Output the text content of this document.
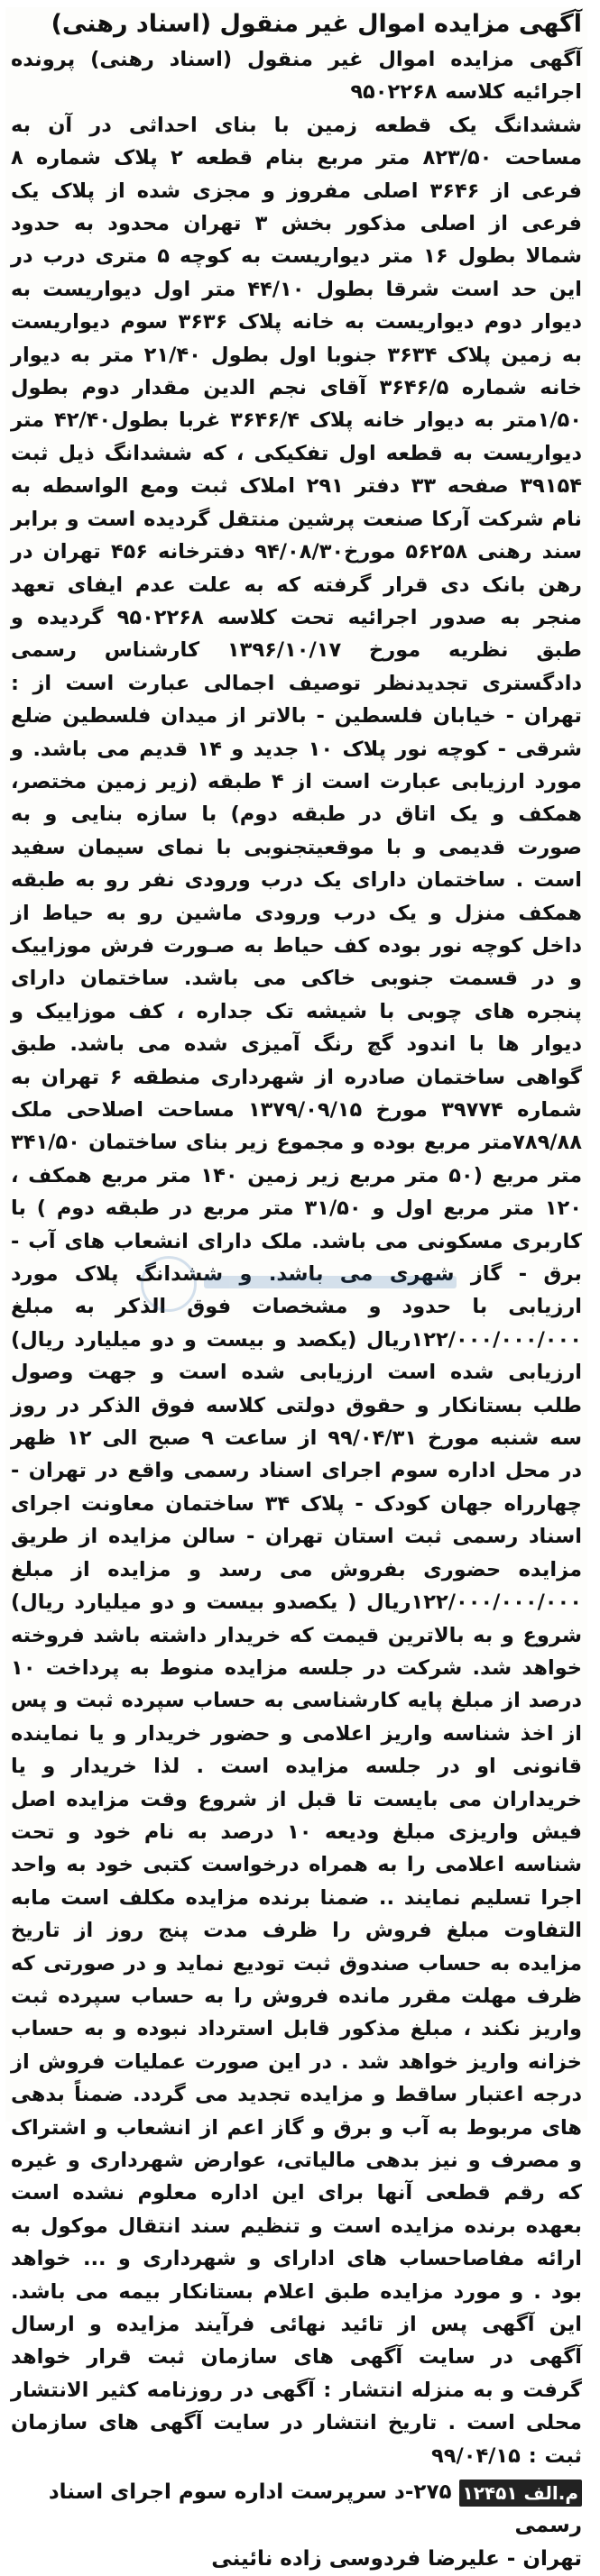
آگهی مزایده اموال غیر منقول (اسناد رهنی)

آگهی مزایده اموال غیر منقول (اسناد رهنی) پرونده اجرائیه کلاسه ۹۵۰۲۲۶۸

ششدانگ یک قطعه زمین با بنای احداثی در آن به مساحت ۸۲۳/۵۰ متر مربع بنام قطعه ۲ پلاک شماره ۸ فرعی از ۳۶۴۶ اصلی مفروز و مجزی شده از پلاک یک فرعی از اصلی مذکور بخش ۳ تهران محدود به حدود شمالا بطول ۱۶ متر دیواریست به کوچه ۵ متری درب در این حد است شرقا بطول ۴۴/۱۰ متر اول دیواریست به دیوار دوم دیواریست به خانه پلاک ۳۶۳۶ سوم دیواریست به زمین پلاک ۳۶۳۴ جنوبا اول بطول ۲۱/۴۰ متر به دیوار خانه شماره ۳۶۴۶/۵ آقای نجم الدین مقدار دوم بطول ۱/۵۰متر به دیوار خانه پلاک ۳۶۴۶/۴ غربا بطول۴۲/۴۰ متر دیواریست به قطعه اول تفکیکی ، که ششدانگ ذیل ثبت ۳۹۱۵۴ صفحه ۳۳ دفتر ۲۹۱ املاک ثبت ومع الواسطه به نام شرکت آرکا صنعت پرشین منتقل گردیده است و برابر سند رهنی ۵۶۲۵۸ مورخ۹۴/۰۸/۳۰ دفترخانه ۴۵۶ تهران در رهن بانک دی قرار گرفته که به علت عدم ایفای تعهد منجر به صدور اجرائیه تحت کلاسه ۹۵۰۲۲۶۸ گردیده و طبق نظریه مورخ ۱۳۹۶/۱۰/۱۷ کارشناس رسمی دادگستری تجدیدنظر توصیف اجمالی عبارت است از : تهران - خیابان فلسطین - بالاتر از میدان فلسطین ضلع شرقی - کوچه نور پلاک ۱۰ جدید و ۱۴ قدیم می باشد. و مورد ارزیابی عبارت است از ۴ طبقه (زیر زمین مختصر، همکف و یک اتاق در طبقه دوم) با سازه بنایی و به صورت قدیمی و با موقعیتجنوبی با نمای سیمان سفید است . ساختمان دارای یک درب ورودی نفر رو به طبقه همکف منزل و یک درب ورودی ماشین رو به حیاط از داخل کوچه نور بوده کف حیاط به صـورت فرش موزاییک و در قسمت جنوبی خاکی می باشد. ساختمان دارای پنجره های چوبی با شیشه تک جداره ، کف موزاییک و دیوار ها با اندود گچ رنگ آمیزی شده می باشد. طبق گواهی ساختمان صادره از شهرداری منطقه ۶ تهران به شماره ۳۹۷۷۴ مورخ ۱۳۷۹/۰۹/۱۵ مساحت اصلاحی ملک ۷۸۹/۸۸متر مربع بوده و مجموع زیر بنای ساختمان ۳۴۱/۵۰ متر مربع (۵۰ متر مربع زیر زمین ۱۴۰ متر مربع همکف ، ۱۲۰ متر مربع اول و ۳۱/۵۰ متر مربع در طبقه دوم ) با کاربری مسکونی می باشد. ملک دارای انشعاب های آب - برق - گاز شهری می باشد. و ششدانگ پلاک مورد ارزیابی با حدود و مشخصات فوق الذکر به مبلغ ۱۲۲/۰۰۰/۰۰۰/۰۰۰ریال (یکصد و بیست و دو میلیارد ریال) ارزیابی شده است ارزیابی شده است و جهت وصول طلب بستانکار و حقوق دولتی کلاسه فوق الذکر در روز سه شنبه مورخ ۹۹/۰۴/۳۱ از ساعت ۹ صبح الی ۱۲ ظهر در محل اداره سوم اجرای اسناد رسمی واقع در تهران - چهارراه جهان کودک - پلاک ۳۴ ساختمان معاونت اجرای اسناد رسمی ثبت استان تهران - سالن مزایده از طریق مزایده حضوری بفروش می رسد و مزایده از مبلغ ۱۲۲/۰۰۰/۰۰۰/۰۰۰ریال ( یکصدو بیست و دو میلیارد ریال) شروع و به بالاترین قیمت که خریدار داشته باشد فروخته خواهد شد. شرکت در جلسه مزایده منوط به پرداخت ۱۰ درصد از مبلغ پایه کارشناسی به حساب سپرده ثبت و پس از اخذ شناسه واریز اعلامی و حضور خریدار و یا نماینده قانونی او در جلسه مزایده است . لذا خریدار و یا خریداران می بایست تا قبل از شروع وقت مزایده اصل فیش واریزی مبلغ ودیعه ۱۰ درصد به نام خود و تحت شناسه اعلامی را به همراه درخواست کتبی خود به واحد اجرا تسلیم نمایند .. ضمنا برنده مزایده مکلف است مابه التفاوت مبلغ فروش را ظرف مدت پنج روز از تاریخ مزایده به حساب صندوق ثبت تودیع نماید و در صورتی که ظرف مهلت مقرر مانده فروش را به حساب سپرده ثبت واریز نکند ، مبلغ مذکور قابل استرداد نبوده و به حساب خزانه واریز خواهد شد . در این صورت عملیات فروش از درجه اعتبار ساقط و مزایده تجدید می گردد. ضمناً بدهی های مربوط به آب و برق و گاز اعم از انشعاب و اشتراک و مصرف و نیز بدهی مالیاتی، عوارض شهرداری و غیره که رقم قطعی آنها برای این اداره معلوم نشده است بعهده برنده مزایده است و تنظیم سند انتقال موکول به ارائه مفاصاحساب های ادارای و شهرداری و ... خواهد بود . و مورد مزایده طبق اعلام بستانکار بیمه می باشد. این آگهی پس از تائید نهائی فرآیند مزایده و ارسال آگهی در سایت آگهی های سازمان ثبت قرار خواهد گرفت و به منزله انتشار : آگهی در روزنامه کثیر الانتشار محلی است . تاریخ انتشار در سایت آگهی های سازمان ثبت : ۹۹/۰۴/۱۵

م.الف ۱۲۴۵۱ ۲۷۵-د سرپرست اداره سوم اجرای اسناد رسمی
تهران - علیرضا فردوسی زاده نائینی
